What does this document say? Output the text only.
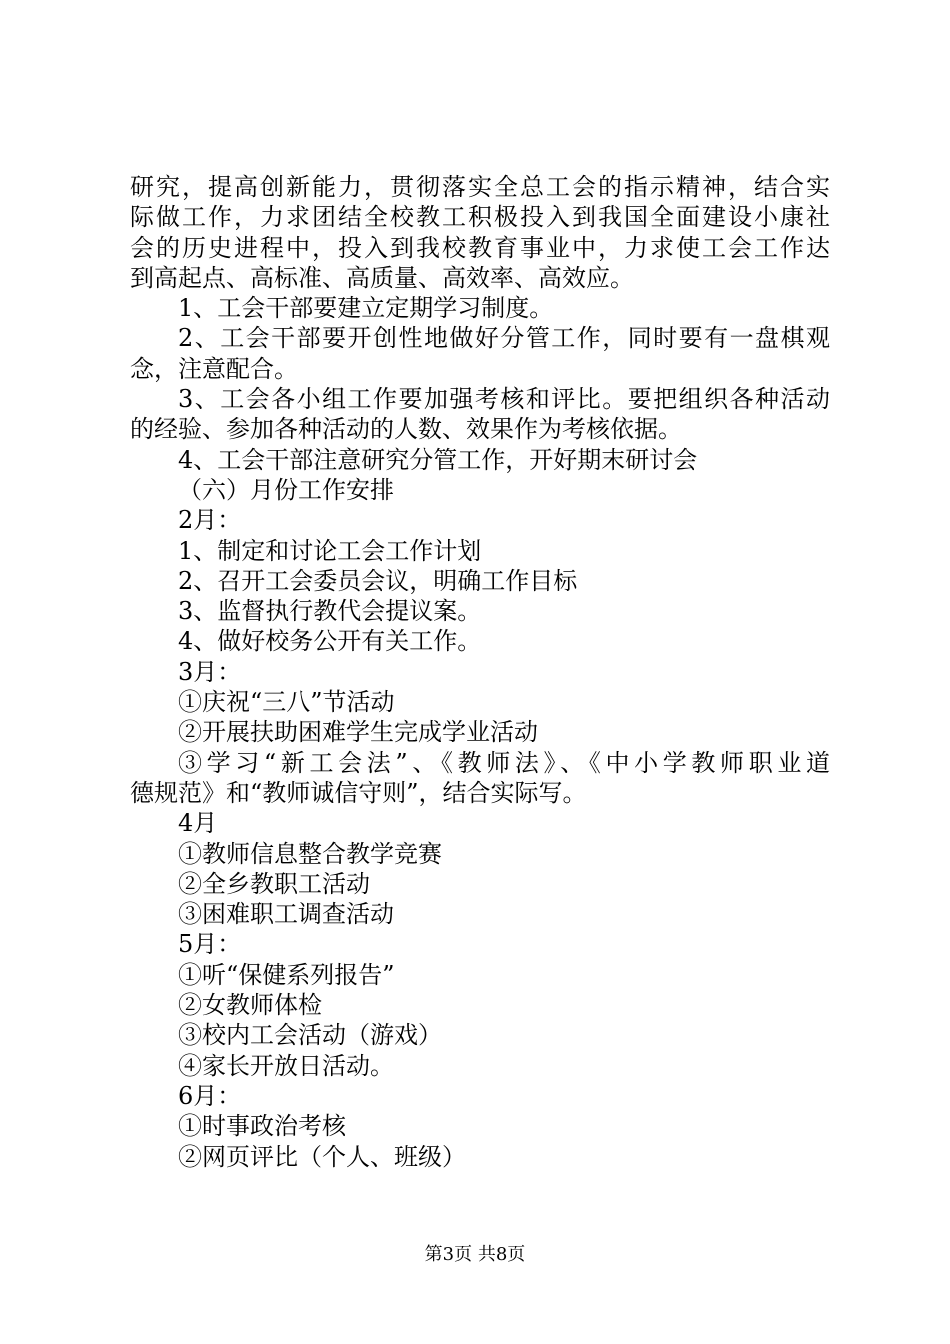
研究，提高创新能力，贯彻落实全总工会的指示精神，结合实
际做工作，力求团结全校教工积极投入到我国全面建设小康社
会的历史进程中，投入到我校教育事业中，力求使工会工作达
到高起点、高标准、高质量、高效率、高效应。
1、工会干部要建立定期学习制度。
2、工会干部要开创性地做好分管工作，同时要有一盘棋观
念，注意配合。
3、工会各小组工作要加强考核和评比。要把组织各种活动
的经验、参加各种活动的人数、效果作为考核依据。
4、工会干部注意研究分管工作，开好期末研讨会
（六）月份工作安排
2月：
1、制定和讨论工会工作计划
2、召开工会委员会议，明确工作目标
3、监督执行教代会提议案。
4、做好校务公开有关工作。
3月：
①庆祝“三八”节活动
②开展扶助困难学生完成学业活动
③学习“新工会法”、《教师法》、《中小学教师职业道
德规范》和“教师诚信守则”，结合实际写。
4月
①教师信息整合教学竞赛
②全乡教职工活动
③困难职工调查活动
5月：
①听“保健系列报告”
②女教师体检
③校内工会活动（游戏）
④家长开放日活动。
6月：
①时事政治考核
②网页评比（个人、班级）
第3页 共8页
